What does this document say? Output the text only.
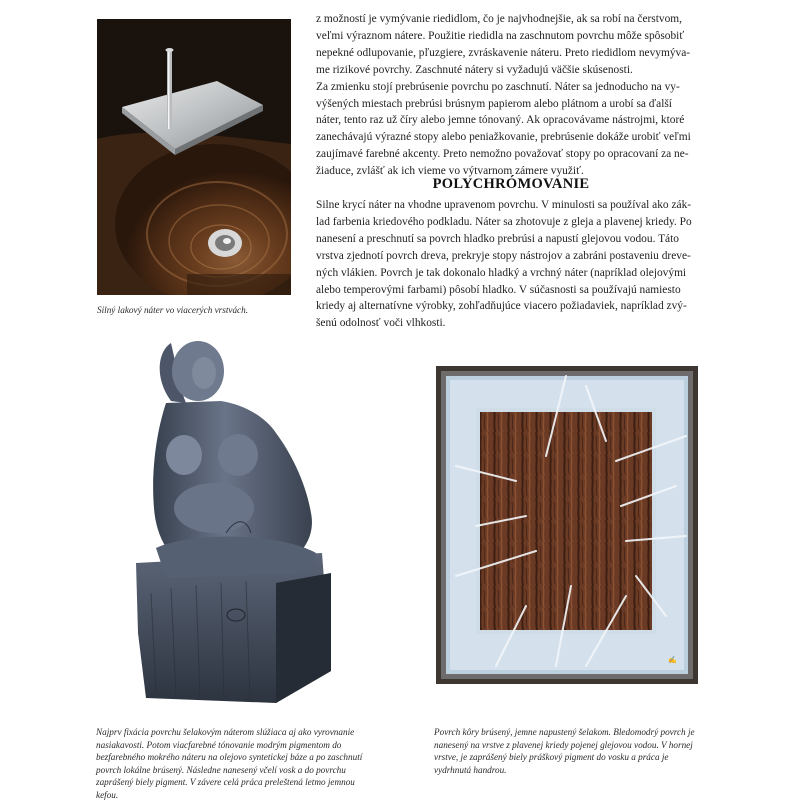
Silný lakový náter vo viacerých vrstvách.

z možností je vymývanie riedidlom, čo je najvhodnejšie, ak sa robí na čerstvom,
veľmi výraznom nátere. Použitie riedidla na zaschnutom povrchu môže spôsobiť
nepekné odlupovanie, pľuzgiere, zvráskavenie náteru. Preto riedidlom nevymýva-
me rizikové povrchy. Zaschnuté nátery si vyžadujú väčšie skúsenosti.
Za zmienku stojí prebrúsenie povrchu po zaschnutí. Náter sa jednoducho na vy-
výšených miestach prebrúsi brúsnym papierom alebo plátnom a urobí sa ďalší
náter, tento raz už číry alebo jemne tónovaný. Ak opracovávame nástrojmi, ktoré
zanechávajú výrazné stopy alebo peniažkovanie, prebrúsenie dokáže urobiť veľmi
zaujímavé farebné akcenty. Preto nemožno považovať stopy po opracovaní za ne-
žiaduce, zvlášť ak ich vieme vo výtvarnom zámere využiť.

POLYCHRÓMOVANIE

Silne krycí náter na vhodne upravenom povrchu. V minulosti sa používal ako zák-
lad farbenia kriedového podkladu. Náter sa zhotovuje z gleja a plavenej kriedy. Po
nanesení a preschnutí sa povrch hladko prebrúsi a napustí glejovou vodou. Táto
vrstva zjednotí povrch dreva, prekryje stopy nástrojov a zabráni postaveniu dreve-
ných vlákien. Povrch je tak dokonalo hladký a vrchný náter (napríklad olejovými
alebo temperovými farbami) pôsobí hladko. V súčasnosti sa používajú namiesto
kriedy aj alternatívne výrobky, zohľadňujúce viacero požiadaviek, napríklad zvý-
šenú odolnosť voči vlhkosti.

Najprv fixácia povrchu šelakovým náterom slúžiaca aj ako vyrovnanie nasiakavosti. Potom viacfarebné tónovanie modrým pigmentom do bezfarebného mokrého náteru na olejovo syntetickej báze a po zaschnutí povrch lokálne brúsený. Následne nanesený včelí vosk a do povrchu zaprášený biely pigment. V závere celá práca preleštená letmo jemnou kefou.
✍
Povrch kôry brúsený, jemne napustený šelakom. Bledomodrý povrch je nanesený na vrstve z plavenej kriedy pojenej glejovou vodou. V hornej vrstve, je zaprášený biely práškový pigment do vosku a práca je vydrhnutá handrou.
